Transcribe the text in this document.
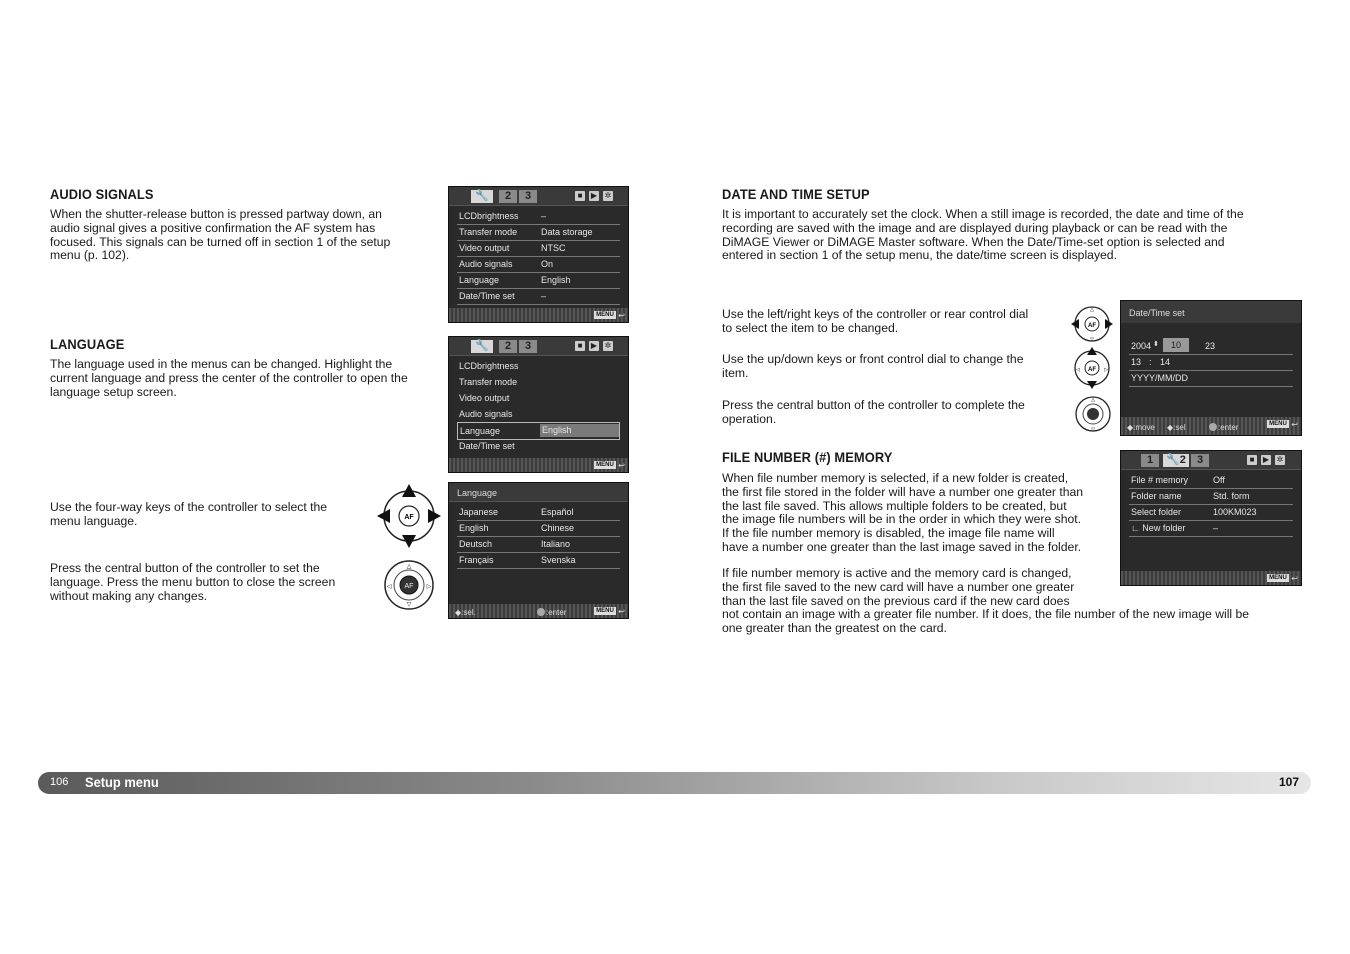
AUDIO SIGNALS
When the shutter-release button is pressed partway down, an
audio signal gives a positive confirmation the AF system has
focused. This signals can be turned off in section 1 of the setup
menu (p. 102).
LANGUAGE
The language used in the menus can be changed. Highlight the
current language and press the center of the controller to open the
language setup screen.
Use the four-way keys of the controller to select the
menu language.
Press the central button of the controller to set the
language. Press the menu button to close the screen
without making any changes.
AF
AF
△
▽
◁	▷
🔧	2	3	■	▶ ✲
LCDbrightness –
Transfer mode	Data storage
Video output	NTSC
Audio signals	On
Language	English
Date/Time set	–
MENU ↩
🔧	2	3	■	▶ ✲
LCDbrightness
Transfer mode
Video output
Audio signals
Language	English
Date/Time set
MENU ↩
Language
Japanese	Español
English	Chinese
Deutsch	Italiano
Français	Svenska
◆:sel.	:enter	MENU ↩
DATE AND TIME SETUP
It is important to accurately set the clock. When a still image is recorded, the date and time of the
recording are saved with the image and are displayed during playback or can be read with the
DiMAGE Viewer or DiMAGE Master software. When the Date/Time-set option is selected and
entered in section 1 of the setup menu, the date/time screen is displayed.
Use the left/right keys of the controller or rear control dial
to select the item to be changed.
Use the up/down keys or front control dial to change the
item.
Press the central button of the controller to complete the
operation.
AF
△
▽
AF
◁	▷
△
▽
Date/Time set
2004 ⬍	10	23
13 : 14
YYYY/MM/DD
◆:move ◆:sel	:enter	MENU ↩
FILE NUMBER (#) MEMORY
When file number memory is selected, if a new folder is created,
the first file stored in the folder will have a number one greater than
the last file saved. This allows multiple folders to be created, but
the image file numbers will be in the order in which they were shot.
If the file number memory is disabled, the image file name will
have a number one greater than the last image saved in the folder.
If file number memory is active and the memory card is changed,
the first file saved to the new card will have a number one greater
than the last file saved on the previous card if the new card does
not contain an image with a greater file number. If it does, the file number of the new image will be
one greater than the greatest on the card.
1	🔧2	3	■	▶ ✲
File # memory	Off
Folder name	Std. form
Select folder	100KM023
∟ New folder	–
MENU ↩
106 Setup menu	107
